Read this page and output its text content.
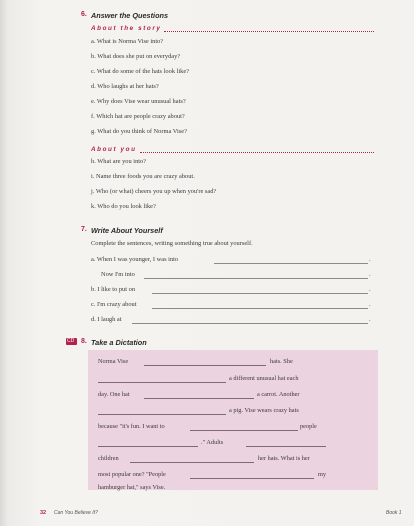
6. Answer the Questions
About the story
a. What is Norma Vise into?
b. What does she put on everyday?
c. What do some of the hats look like?
d. Who laughs at her hats?
e. Why does Vise wear unusual hats?
f. Which hat are people crazy about?
g. What do you think of Norma Vise?
About you
h. What are you into?
i. Name three foods you are crazy about.
j. Who (or what) cheers you up when you're sad?
k. Who do you look like?
7. Write About Yourself
Complete the sentences, writing something true about yourself.
a. When I was younger, I was into	.
Now I'm into	.
b. I like to put on	.
c. I'm crazy about	.
d. I laugh at	.
CD 8. Take a Dictation
Norma Vise	hats. She
a different unusual hat each
day. One hat	a carrot. Another
a pig. Vise wears crazy hats
because "it's fun. I want to	people
." Adults
children	her hats. What is her
most popular one? "People	my
hamburger hat," says Vise.
32 Can You Believe It?	Book 1
